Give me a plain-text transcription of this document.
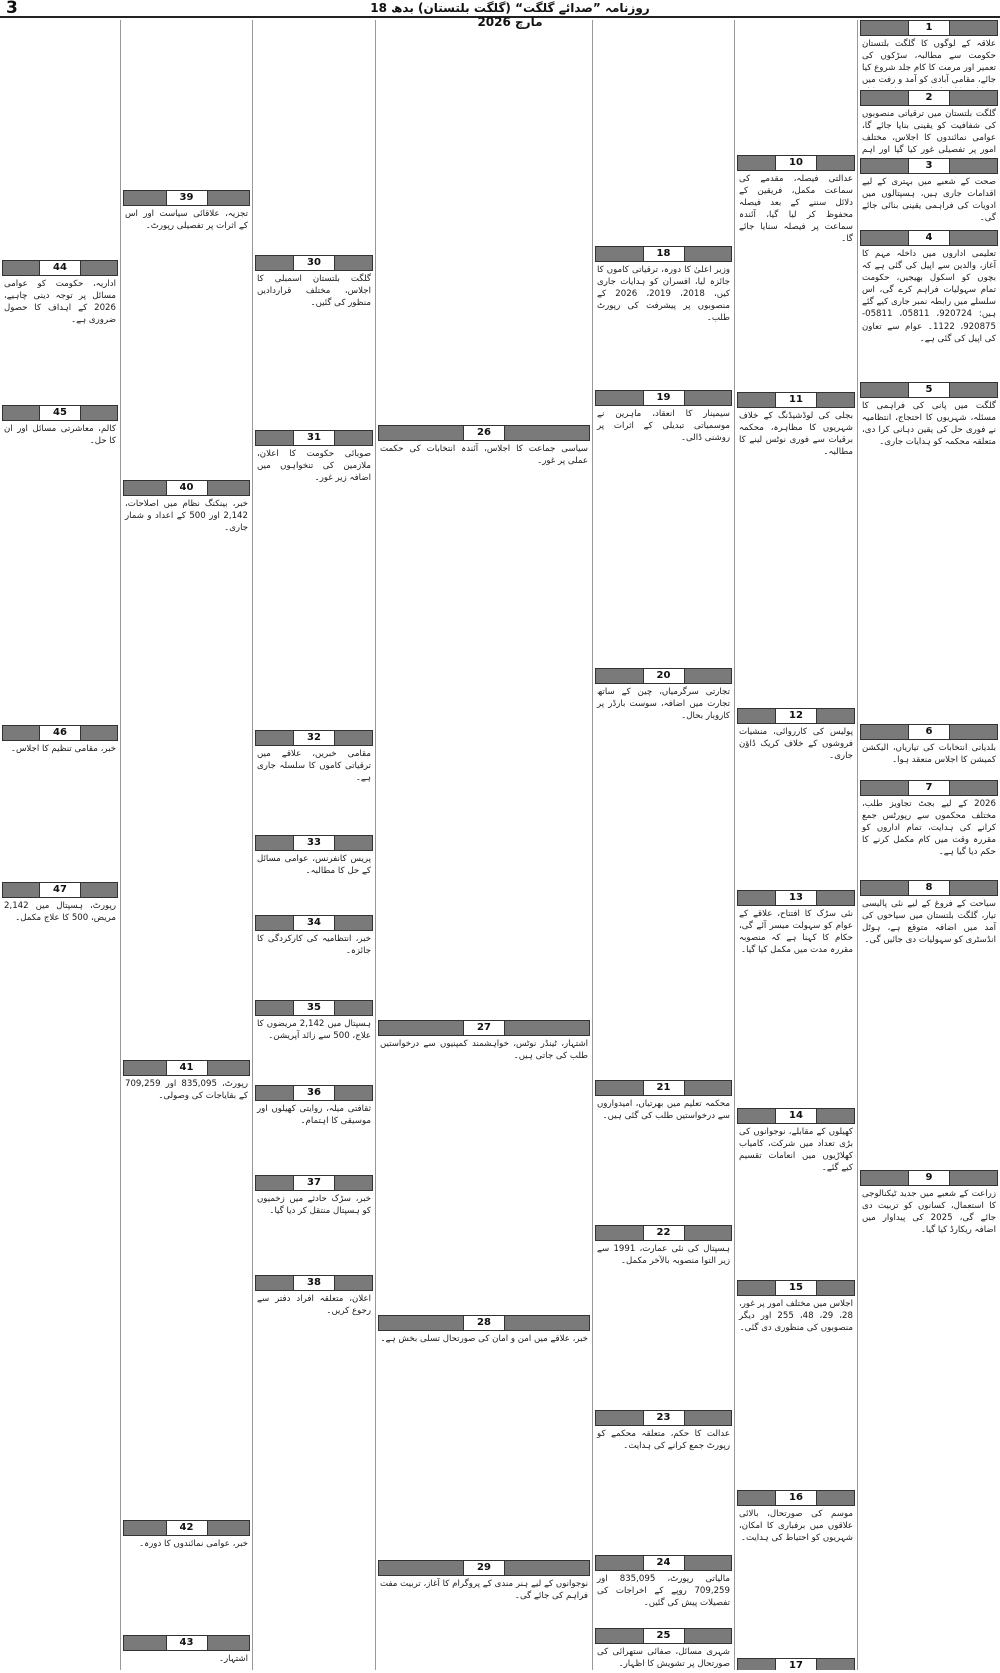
3	روزنامہ ”صدائے گلگت“ (گلگت بلتستان) بدھ 18 مارچ 2026	1
علاقہ کے لوگوں کا گلگت بلتستان حکومت سے مطالبہ، سڑکوں کی تعمیر اور مرمت کا کام جلد شروع کیا جائے، مقامی آبادی کو آمد و رفت میں
2
گلگت بلتستان میں ترقیاتی منصوبوں کی شفافیت کو یقینی بنایا جائے گا، عوامی نمائندوں کا اجلاس، مختلف امور پر تفصیلی غور کیا گیا اور اہم
3
صحت کے شعبے میں بہتری کے لیے اقدامات جاری ہیں، ہسپتالوں میں ادویات کی فراہمی یقینی بنائی جائے گی۔
4
تعلیمی اداروں میں داخلہ مہم کا آغاز، والدین سے اپیل کی گئی ہے کہ بچوں کو اسکول بھیجیں، حکومت تمام سہولیات فراہم کرے گی، اس سلسلے میں رابطہ نمبر جاری کیے گئے ہیں: 920724، 05811، 05811-920875، 1122۔ عوام سے تعاون کی اپیل کی گئی ہے۔
5
گلگت میں پانی کی فراہمی کا مسئلہ، شہریوں کا احتجاج، انتظامیہ نے فوری حل کی یقین دہانی کرا دی، متعلقہ محکمہ کو ہدایات جاری۔
6
بلدیاتی انتخابات کی تیاریاں، الیکشن کمیشن کا اجلاس منعقد ہوا۔
7
2026 کے لیے بجٹ تجاویز طلب، مختلف محکموں سے رپورٹس جمع کرانے کی ہدایت، تمام اداروں کو مقررہ وقت میں کام مکمل کرنے کا حکم دیا گیا ہے۔
8
سیاحت کے فروغ کے لیے نئی پالیسی تیار، گلگت بلتستان میں سیاحوں کی آمد میں اضافہ متوقع ہے، ہوٹل انڈسٹری کو سہولیات دی جائیں گی۔
9
زراعت کے شعبے میں جدید ٹیکنالوجی کا استعمال، کسانوں کو تربیت دی جائے گی، 2025 کی پیداوار میں اضافہ ریکارڈ کیا گیا۔
10
عدالتی فیصلہ، مقدمے کی سماعت مکمل، فریقین کے دلائل سننے کے بعد فیصلہ محفوظ کر لیا گیا، آئندہ سماعت پر فیصلہ سنایا جائے گا۔
11
بجلی کی لوڈشیڈنگ کے خلاف شہریوں کا مظاہرہ، محکمہ برقیات سے فوری نوٹس لینے کا مطالبہ۔
12
پولیس کی کارروائی، منشیات فروشوں کے خلاف کریک ڈاؤن جاری۔
13
نئی سڑک کا افتتاح، علاقے کے عوام کو سہولت میسر آئے گی، حکام کا کہنا ہے کہ منصوبہ مقررہ مدت میں مکمل کیا گیا۔
14
کھیلوں کے مقابلے، نوجوانوں کی بڑی تعداد میں شرکت، کامیاب کھلاڑیوں میں انعامات تقسیم کیے گئے۔
15
اجلاس میں مختلف امور پر غور، 28، 29، 48، 255 اور دیگر منصوبوں کی منظوری دی گئی۔
16
موسم کی صورتحال، بالائی علاقوں میں برفباری کا امکان، شہریوں کو احتیاط کی ہدایت۔
17
18
وزیر اعلیٰ کا دورہ، ترقیاتی کاموں کا جائزہ لیا، افسران کو ہدایات جاری کیں، 2018، 2019، 2026 کے منصوبوں پر پیشرفت کی رپورٹ طلب۔
19
سیمینار کا انعقاد، ماہرین نے موسمیاتی تبدیلی کے اثرات پر روشنی ڈالی۔
20
تجارتی سرگرمیاں، چین کے ساتھ تجارت میں اضافہ، سوست بارڈر پر کاروبار بحال۔
21
محکمہ تعلیم میں بھرتیاں، امیدواروں سے درخواستیں طلب کی گئی ہیں۔
22
ہسپتال کی نئی عمارت، 1991 سے زیر التوا منصوبہ بالآخر مکمل۔
23
عدالت کا حکم، متعلقہ محکمے کو رپورٹ جمع کرانے کی ہدایت۔
24
مالیاتی رپورٹ، 835,095 اور 709,259 روپے کے اخراجات کی تفصیلات پیش کی گئیں۔
25
شہری مسائل، صفائی ستھرائی کی صورتحال پر تشویش کا اظہار۔
26
سیاسی جماعت کا اجلاس، آئندہ انتخابات کی حکمت عملی پر غور۔
27
اشتہار، ٹینڈر نوٹس، خواہشمند کمپنیوں سے درخواستیں طلب کی جاتی ہیں۔
28
خبر، علاقے میں امن و امان کی صورتحال تسلی بخش ہے۔
29
نوجوانوں کے لیے ہنر مندی کے پروگرام کا آغاز، تربیت مفت فراہم کی جائے گی۔
30
گلگت بلتستان اسمبلی کا اجلاس، مختلف قراردادیں منظور کی گئیں۔
31
صوبائی حکومت کا اعلان، ملازمین کی تنخواہوں میں اضافہ زیر غور۔
32
مقامی خبریں، علاقے میں ترقیاتی کاموں کا سلسلہ جاری ہے۔
33
پریس کانفرنس، عوامی مسائل کے حل کا مطالبہ۔
34
خبر، انتظامیہ کی کارکردگی کا جائزہ۔
35
ہسپتال میں 2,142 مریضوں کا علاج، 500 سے زائد آپریشن۔
36
ثقافتی میلہ، روایتی کھیلوں اور موسیقی کا اہتمام۔
37
خبر، سڑک حادثے میں زخمیوں کو ہسپتال منتقل کر دیا گیا۔
38
اعلان، متعلقہ افراد دفتر سے رجوع کریں۔
39
تجزیہ، علاقائی سیاست اور اس کے اثرات پر تفصیلی رپورٹ۔
40
خبر، بینکنگ نظام میں اصلاحات، 2,142 اور 500 کے اعداد و شمار جاری۔
41
رپورٹ، 835,095 اور 709,259 کے بقایاجات کی وصولی۔
42
خبر، عوامی نمائندوں کا دورہ۔
43
اشتہار۔
44
اداریہ، حکومت کو عوامی مسائل پر توجہ دینی چاہیے، 2026 کے اہداف کا حصول ضروری ہے۔
45
کالم، معاشرتی مسائل اور ان کا حل۔
46
خبر، مقامی تنظیم کا اجلاس۔
47
رپورٹ، ہسپتال میں 2,142 مریض، 500 کا علاج مکمل۔
